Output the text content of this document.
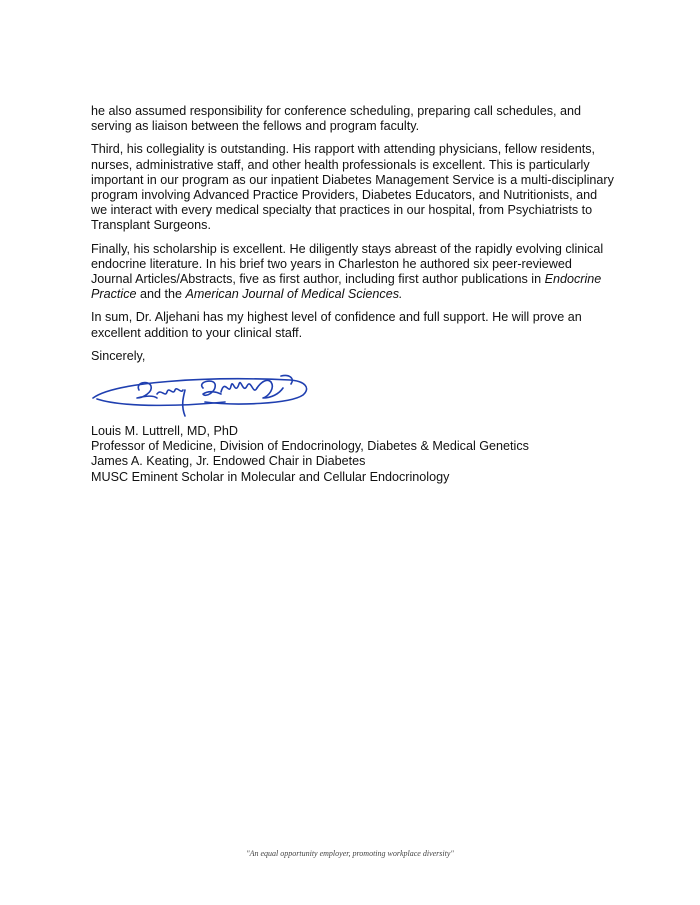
he also assumed responsibility for conference scheduling, preparing call schedules, and serving as liaison between the fellows and program faculty.

Third, his collegiality is outstanding. His rapport with attending physicians, fellow residents, nurses, administrative staff, and other health professionals is excellent. This is particularly important in our program as our inpatient Diabetes Management Service is a multi-disciplinary program involving Advanced Practice Providers, Diabetes Educators, and Nutritionists, and we interact with every medical specialty that practices in our hospital, from Psychiatrists to Transplant Surgeons.

Finally, his scholarship is excellent. He diligently stays abreast of the rapidly evolving clinical endocrine literature. In his brief two years in Charleston he authored six peer-reviewed Journal Articles/Abstracts, five as first author, including first author publications in Endocrine Practice and the American Journal of Medical Sciences.

In sum, Dr. Aljehani has my highest level of confidence and full support. He will prove an excellent addition to your clinical staff.

Sincerely,

Louis M. Luttrell, MD, PhD

Professor of Medicine, Division of Endocrinology, Diabetes & Medical Genetics

James A. Keating, Jr. Endowed Chair in Diabetes

MUSC Eminent Scholar in Molecular and Cellular Endocrinology

"An equal opportunity employer, promoting workplace diversity"
